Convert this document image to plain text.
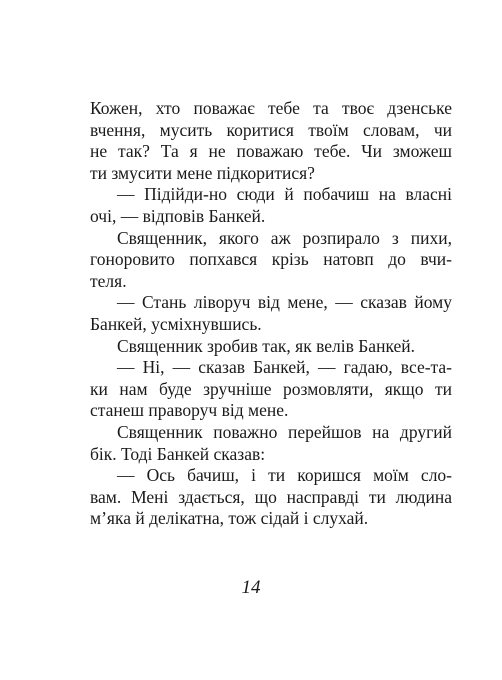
Кожен, хто поважає тебе та твоє дзенське
вчення, мусить коритися твоїм словам, чи
не так? Та я не поважаю тебе. Чи зможеш
ти змусити мене підкоритися?

— Підійди-но сюди й побачиш на власні
очі, — відповів Банкей.

Священник, якого аж розпирало з пихи,
гоноровито попхався крізь натовп до вчи-
теля.

— Стань ліворуч від мене, — сказав йому
Банкей, усміхнувшись.

Священник зробив так, як велів Банкей.

— Ні, — сказав Банкей, — гадаю, все-та-
ки нам буде зручніше розмовляти, якщо ти
станеш праворуч від мене.

Священник поважно перейшов на другий
бік. Тоді Банкей сказав:

— Ось бачиш, і ти коришся моїм сло-
вам. Мені здається, що насправді ти людина
м’яка й делікатна, тож сідай і слухай.

14
